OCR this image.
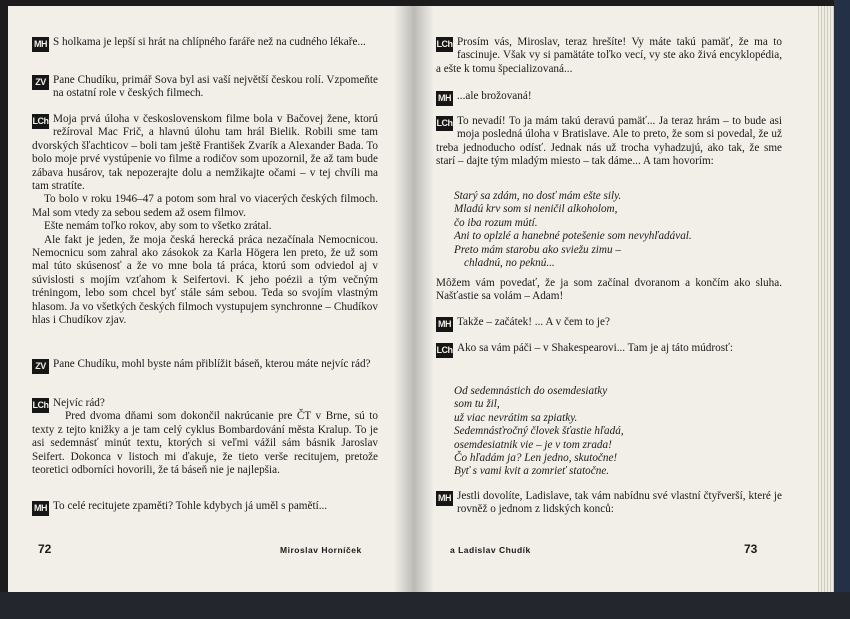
MH S holkama je lepší si hrát na chlípného faráře než na cudného lékaře...

ZV Pane Chudíku, primář Sova byl asi vaší největší českou rolí. Vzpomeňte na ostatní role v českých filmech.

LCh Moja prvá úloha v československom filme bola v Bačovej žene, ktorú režíroval Mac Frič, a hlavnú úlohu tam hrál Bielik. Robili sme tam dvorských šľachticov – boli tam ještě František Zvarík a Alexander Bada. To bolo moje prvé vystúpenie vo filme a rodičov som upozornil, že až tam bude zábava husárov, tak nepozerajte dolu a nemžikajte očami – v tej chvíli ma tam stratíte.
To bolo v roku 1946–47 a potom som hral vo viacerých českých filmoch. Mal som vtedy za sebou sedem až osem filmov.
Ešte nemám toľko rokov, aby som to všetko zrátal.
Ale fakt je jeden, že moja česká herecká práca nezačínala Nemocnicou. Nemocnicu som zahral ako zásokok za Karla Högera len preto, že už som mal túto skúsenosť a že vo mne bola tá práca, ktorú som odviedol aj v súvislosti s mojím vzťahom k Seifertovi. K jeho poézii a tým večným tréningom, lebo som chcel byť stále sám sebou. Teda so svojím vlastným hlasom. Ja vo všetkých českých filmoch vystupujem synchronne – Chudíkov hlas i Chudíkov zjav.

ZV Pane Chudíku, mohl byste nám přiblížit báseň, kterou máte nejvíc rád?

LCh Nejvíc rád?
Pred dvoma dňami som dokončil nakrúcanie pre ČT v Brne, sú to texty z tejto knižky a je tam celý cyklus Bombardování města Kralup. To je asi sedemnásť minút textu, ktorých si veľmi vážil sám básnik Jaroslav Seifert. Dokonca v listoch mi ďakuje, že tieto verše recitujem, pretože teoretici odborníci hovorili, že tá báseň nie je najlepšia.

MH To celé recitujete zpaměti? Tohle kdybych já uměl s pamětí...

72	Miroslav Horníček

LCh Prosím vás, Miroslav, teraz hrešíte! Vy máte takú pamäť, že ma to fascinuje. Však vy si pamätáte toľko vecí, vy ste ako živá encyklopédia, a ešte k tomu špecializovaná...

MH ...ale brožovaná!

LCh To nevadí! To ja mám takú deravú pamäť... Ja teraz hrám – to bude asi moja posledná úloha v Bratislave. Ale to preto, že som si povedal, že už treba jednoducho odísť. Jednak nás už trocha vyhadzujú, ako tak, že sme starí – dajte tým mladým miesto – tak dáme... A tam hovorím:

Starý sa zdám, no dosť mám ešte sily.
Mladú krv som si neničil alkoholom,
čo iba rozum mútí.
Ani to oplzlé a hanebné potešenie som nevyhľadával.
Preto mám starobu ako sviežu zimu –
chladnú, no peknú...

Môžem vám povedať, že ja som začínal dvoranom a končím ako sluha. Našťastie sa volám – Adam!

MH Takže – začátek! ... A v čem to je?

LCh Ako sa vám páči – v Shakespearovi... Tam je aj táto múdrosť:

Od sedemnástich do osemdesiatky
som tu žil,
už viac nevrátim sa zpiatky.
Sedemnásťročný človek šťastie hľadá,
osemdesiatnik vie – je v tom zrada!
Čo hľadám ja? Len jedno, skutočne!
Byť s vami kvit a zomrieť statočne.

MH Jestli dovolíte, Ladislave, tak vám nabídnu své vlastní čtyřverší, které je rovněž o jednom z lidských konců:

a Ladislav Chudík	73
